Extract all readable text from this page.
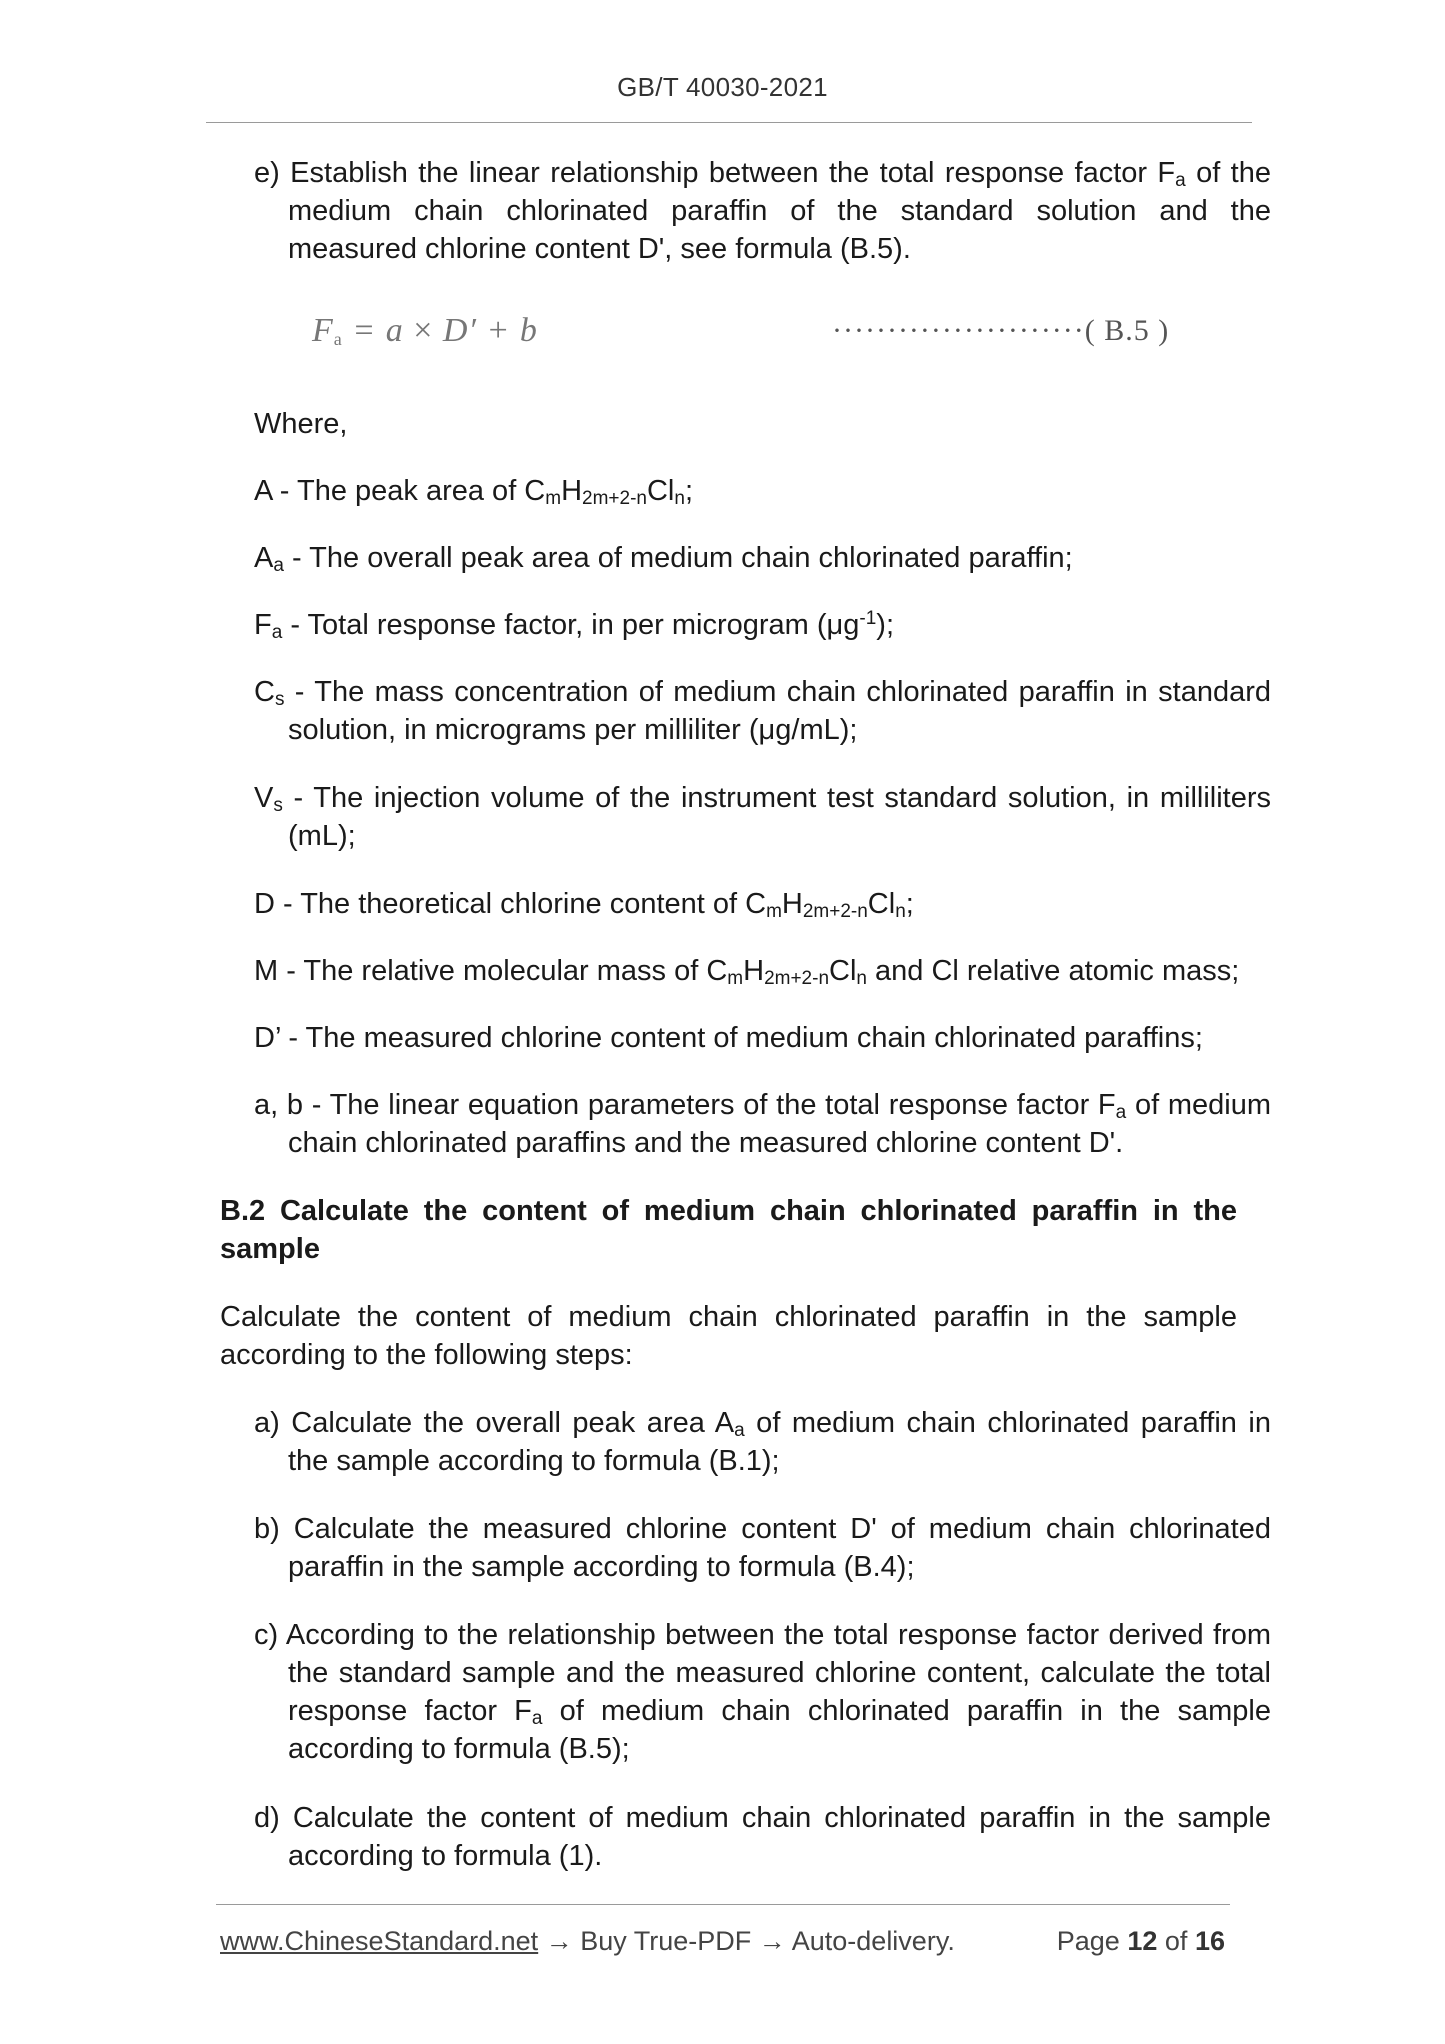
GB/T 40030-2021

e) Establish the linear relationship between the total response factor $F_a$ of the medium chain chlorinated paraffin of the standard solution and the measured chlorine content D', see formula (B.5).

$F_a = a \times D' + b$	·······················( B.5 )

Where,

A - The peak area of $C_mH_{2m+2-n}Cl_n$;

$A_a$ - The overall peak area of medium chain chlorinated paraffin;

$F_a$ - Total response factor, in per microgram $(\mu g^{-1})$;

$C_s$ - The mass concentration of medium chain chlorinated paraffin in standard solution, in micrograms per milliliter (μg/mL);

$V_s$ - The injection volume of the instrument test standard solution, in milliliters (mL);

D - The theoretical chlorine content of $C_mH_{2m+2-n}Cl_n$;

M - The relative molecular mass of $C_mH_{2m+2-n}Cl_n$ and Cl relative atomic mass;

D’ - The measured chlorine content of medium chain chlorinated paraffins;

a, b - The linear equation parameters of the total response factor $F_a$ of medium chain chlorinated paraffins and the measured chlorine content D'.

B.2 Calculate the content of medium chain chlorinated paraffin in the sample

Calculate the content of medium chain chlorinated paraffin in the sample according to the following steps:

a) Calculate the overall peak area $A_a$ of medium chain chlorinated paraffin in the sample according to formula (B.1);

b) Calculate the measured chlorine content D' of medium chain chlorinated paraffin in the sample according to formula (B.4);

c) According to the relationship between the total response factor derived from the standard sample and the measured chlorine content, calculate the total response factor $F_a$ of medium chain chlorinated paraffin in the sample according to formula (B.5);

d) Calculate the content of medium chain chlorinated paraffin in the sample according to formula (1).

www.ChineseStandard.net → Buy True-PDF → Auto-delivery.	Page 12 of 16
